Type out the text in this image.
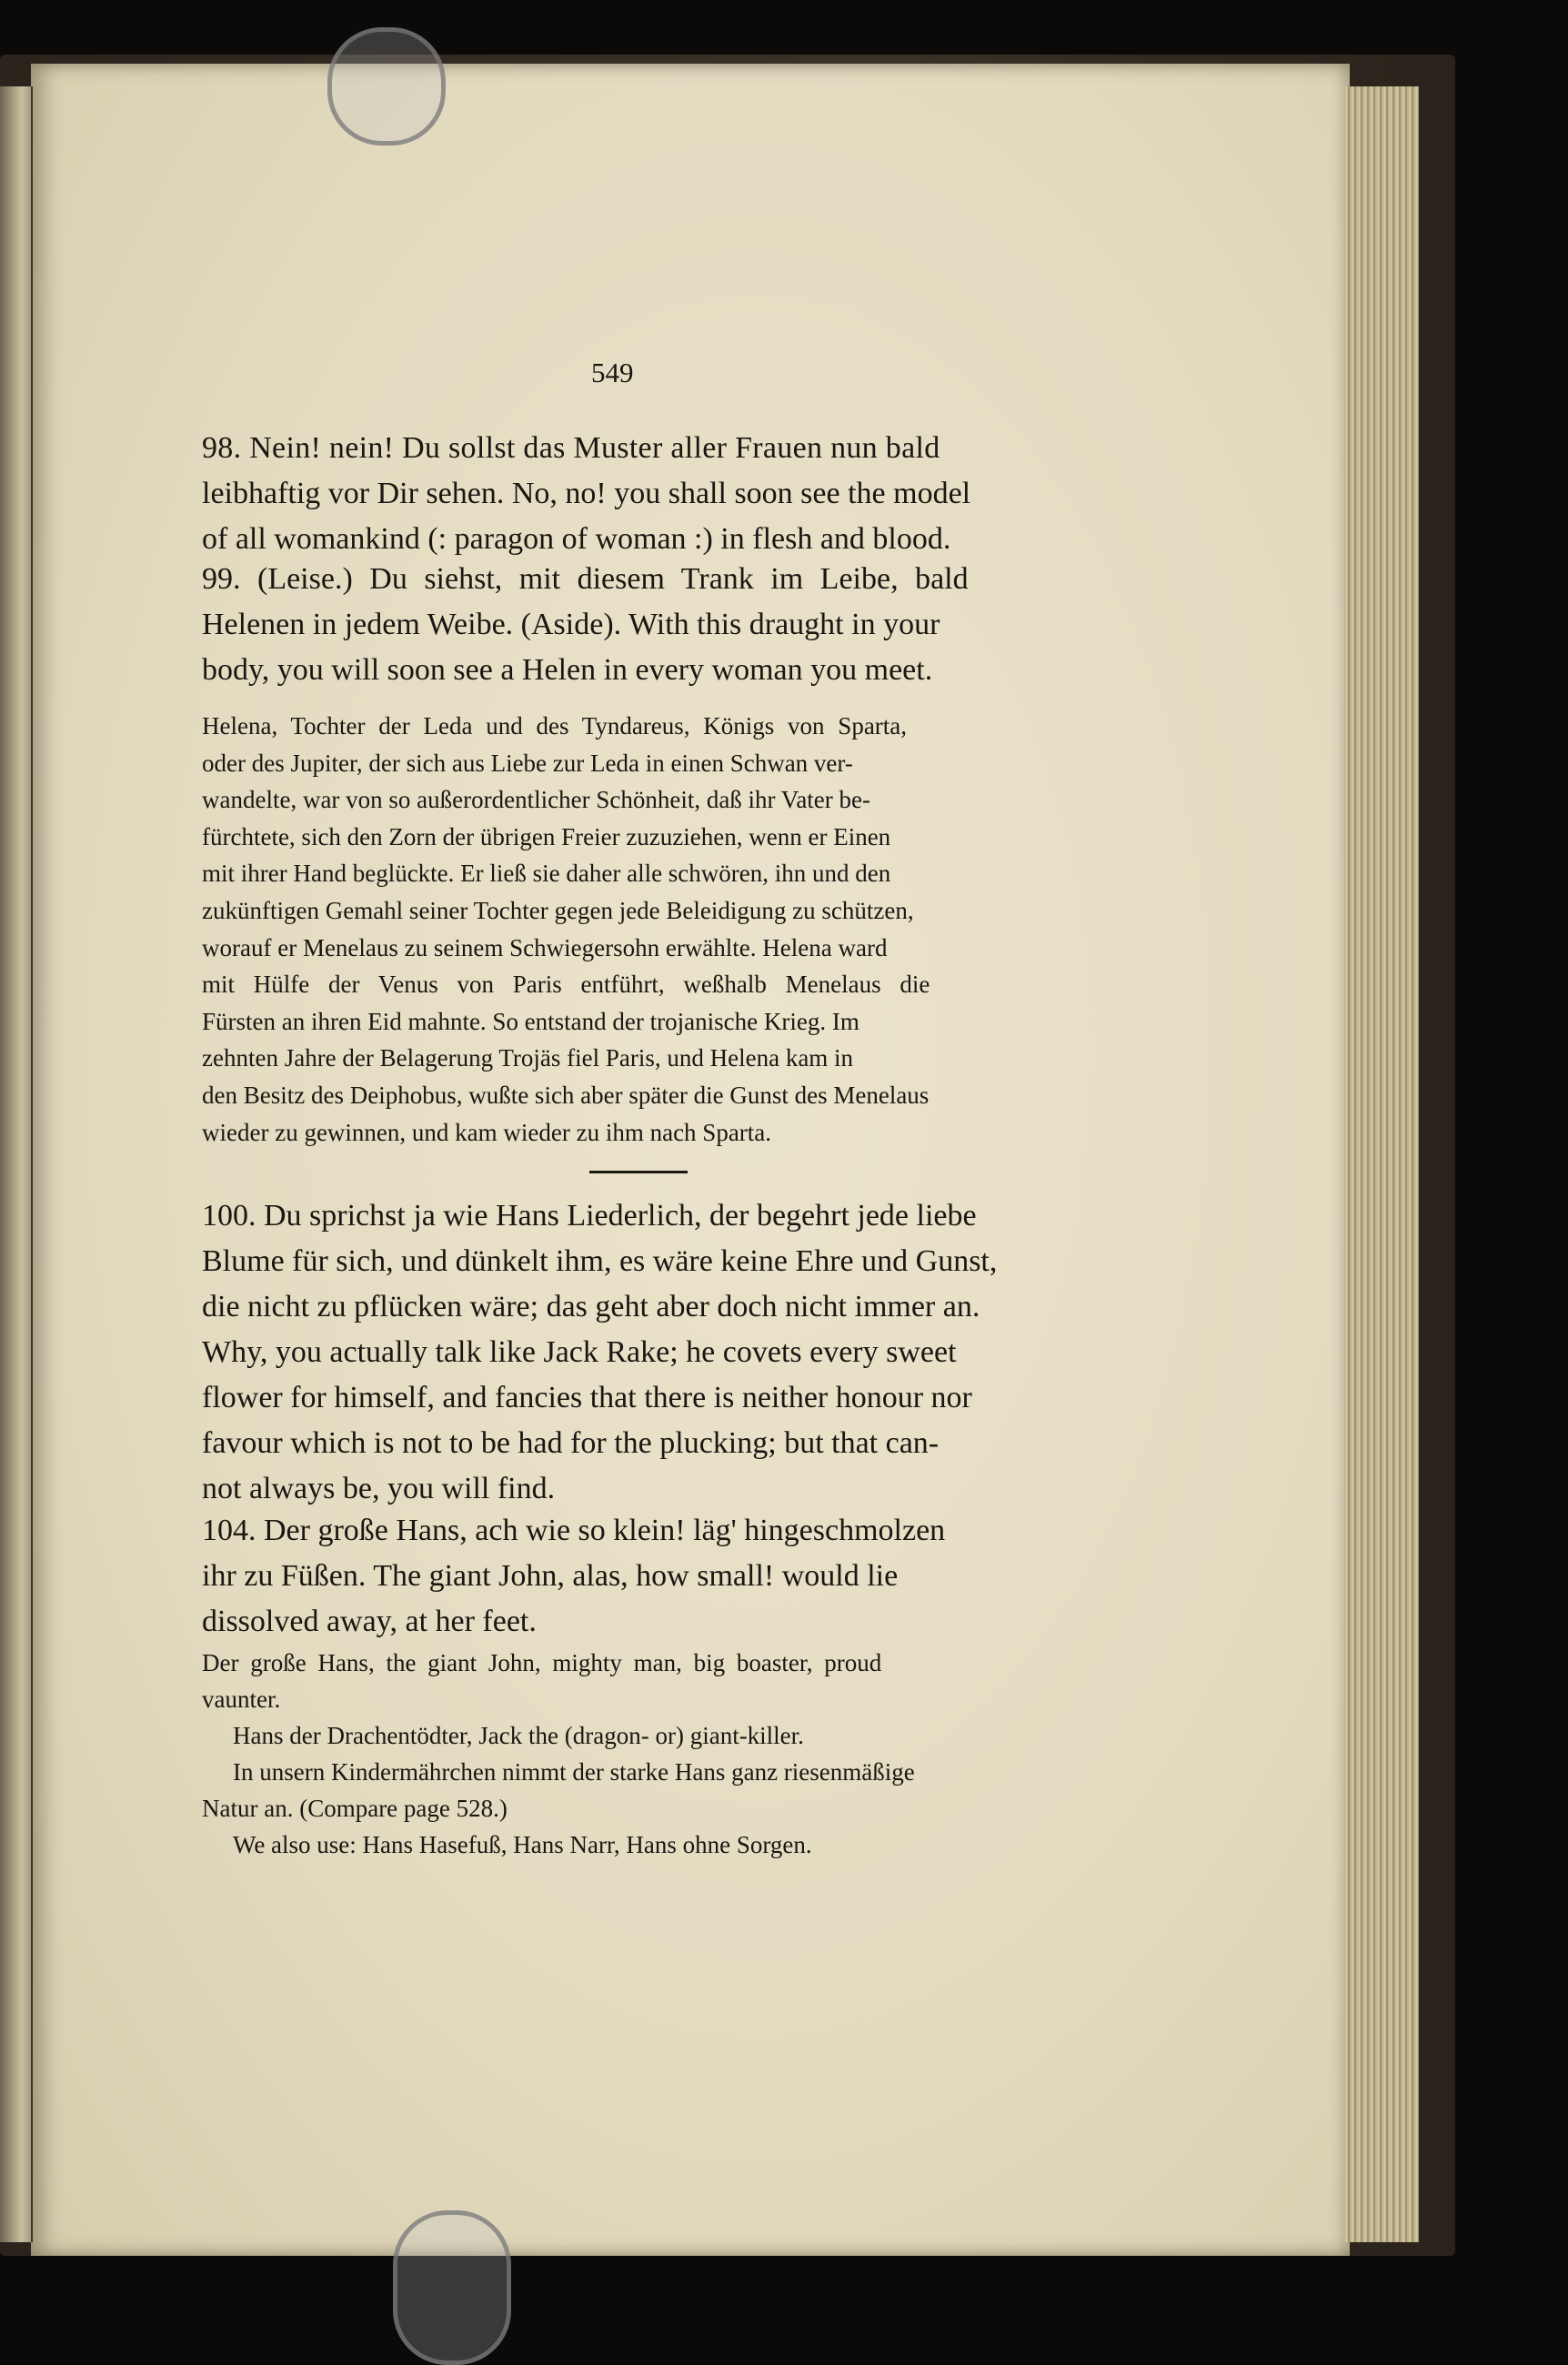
549
98. Nein! nein! Du sollst das Muster aller Frauen nun bald
leibhaftig vor Dir sehen. No, no! you shall soon see the model
of all womankind (: paragon of woman :) in flesh and blood.
99. (Leise.) Du siehst, mit diesem Trank im Leibe, bald
Helenen in jedem Weibe. (Aside). With this draught in your
body, you will soon see a Helen in every woman you meet.
Helena, Tochter der Leda und des Tyndareus, Königs von Sparta,
oder des Jupiter, der sich aus Liebe zur Leda in einen Schwan ver-
wandelte, war von so außerordentlicher Schönheit, daß ihr Vater be-
fürchtete, sich den Zorn der übrigen Freier zuzuziehen, wenn er Einen
mit ihrer Hand beglückte. Er ließ sie daher alle schwören, ihn und den
zukünftigen Gemahl seiner Tochter gegen jede Beleidigung zu schützen,
worauf er Menelaus zu seinem Schwiegersohn erwählte. Helena ward
mit Hülfe der Venus von Paris entführt, weßhalb Menelaus die
Fürsten an ihren Eid mahnte. So entstand der trojanische Krieg. Im
zehnten Jahre der Belagerung Trojäs fiel Paris, und Helena kam in
den Besitz des Deiphobus, wußte sich aber später die Gunst des Menelaus
wieder zu gewinnen, und kam wieder zu ihm nach Sparta.
100. Du sprichst ja wie Hans Liederlich, der begehrt jede liebe
Blume für sich, und dünkelt ihm, es wäre keine Ehre und Gunst,
die nicht zu pflücken wäre; das geht aber doch nicht immer an.
Why, you actually talk like Jack Rake; he covets every sweet
flower for himself, and fancies that there is neither honour nor
favour which is not to be had for the plucking; but that can-
not always be, you will find.
104. Der große Hans, ach wie so klein! läg' hingeschmolzen
ihr zu Füßen. The giant John, alas, how small! would lie
dissolved away, at her feet.
Der große Hans, the giant John, mighty man, big boaster, proud
vaunter.
Hans der Drachentödter, Jack the (dragon- or) giant-killer.
In unsern Kindermährchen nimmt der starke Hans ganz riesenmäßige
Natur an. (Compare page 528.)
We also use: Hans Hasefuß, Hans Narr, Hans ohne Sorgen.
